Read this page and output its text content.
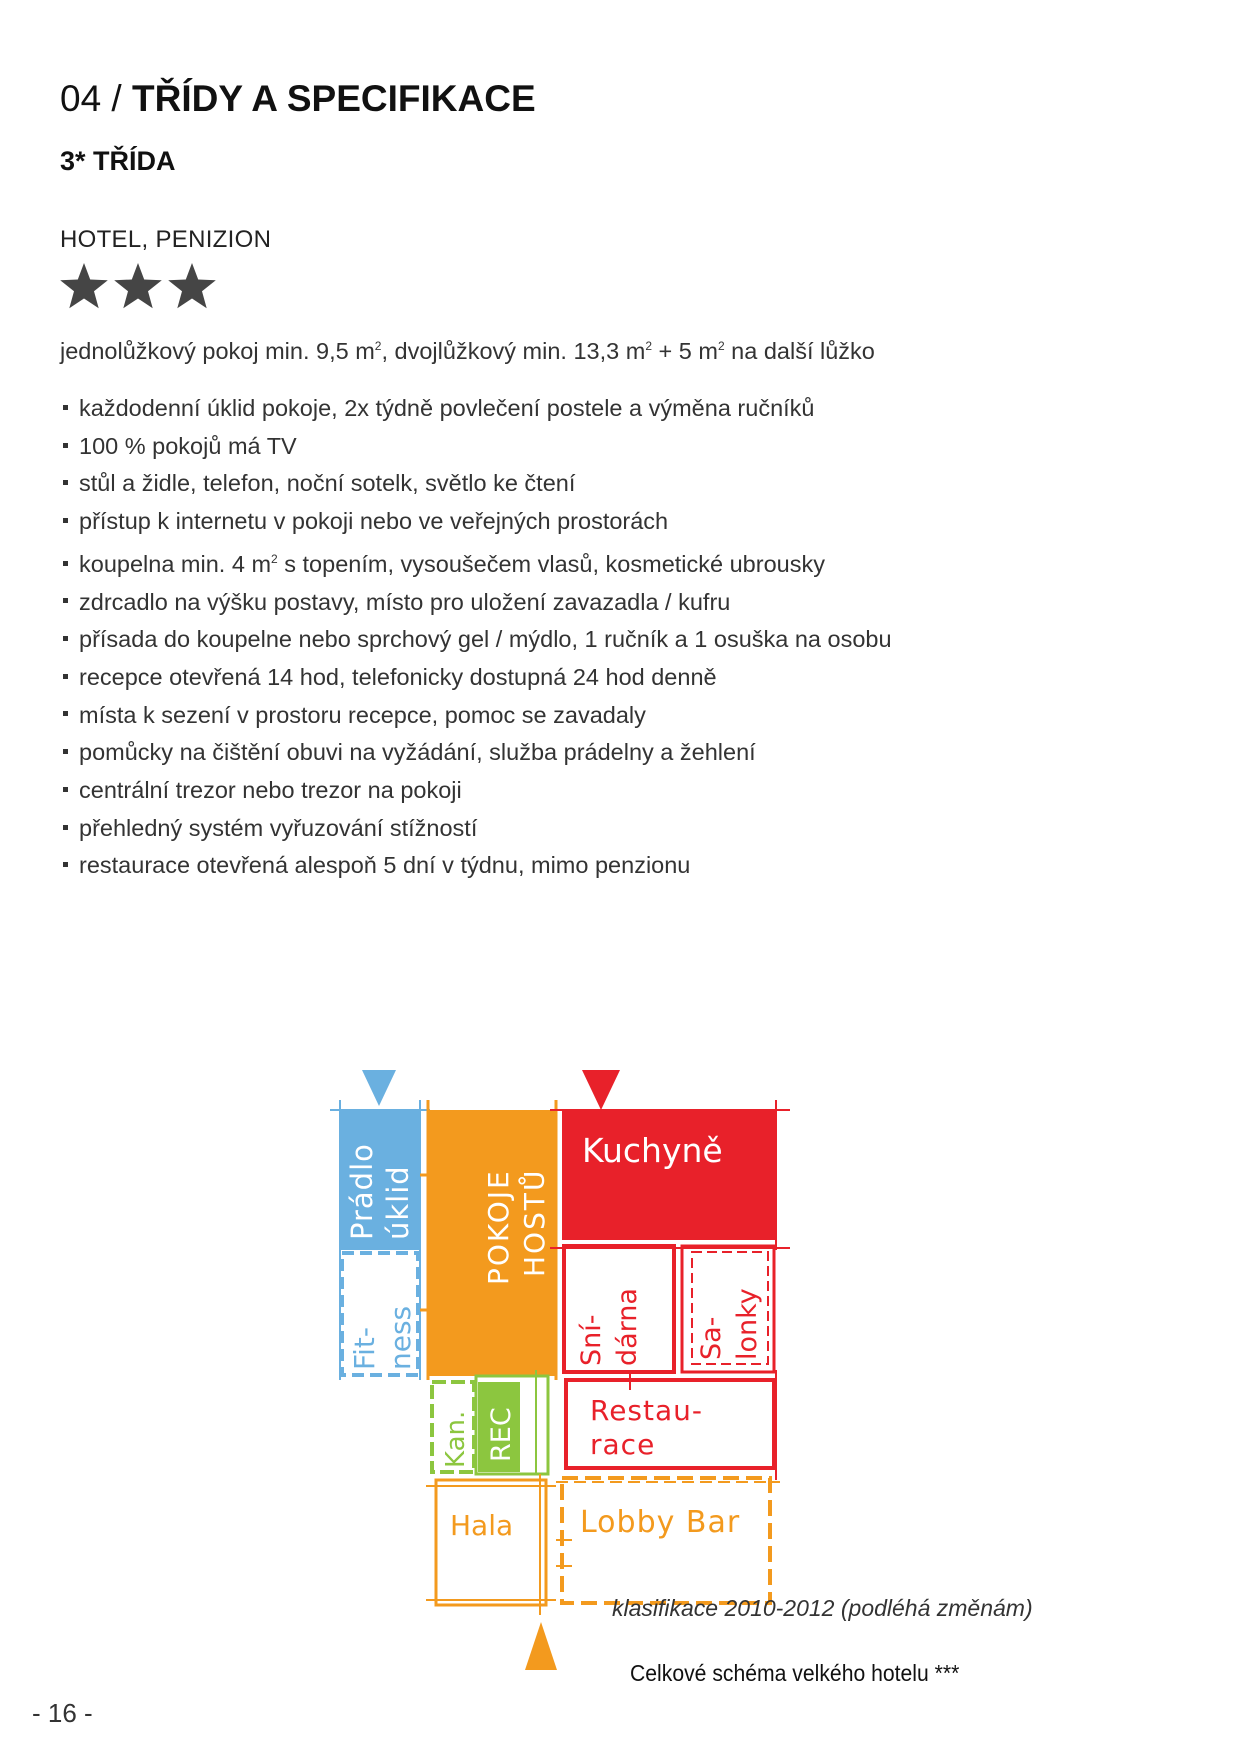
04 / TŘÍDY A SPECIFIKACE
3* TŘÍDA
HOTEL, PENIZION
jednolůžkový pokoj min. 9,5 $m^2$, dvojlůžkový min. 13,3 $m^2 + 5$ $m^2$ na další lůžko
každodenní úklid pokoje, 2x týdně povlečení postele a výměna ručníků
100 % pokojů má TV
stůl a židle, telefon, noční sotelk, světlo ke čtení
přístup k internetu v pokoji nebo ve veřejných prostorách
koupelna min. 4 $m^2$ s topením, vysoušečem vlasů, kosmetické ubrousky
zdrcadlo na výšku postavy, místo pro uložení zavazadla / kufru
přísada do koupelne nebo sprchový gel / mýdlo, 1 ručník a 1 osuška na osobu
recepce otevřená 14 hod, telefonicky dostupná 24 hod denně
místa k sezení v prostoru recepce, pomoc se zavadaly
pomůcky na čištění obuvi na vyžádání, služba prádelny a žehlení
centrální trezor nebo trezor na pokoji
přehledný systém vyřuzování stížností
restaurace otevřená alespoň 5 dní v týdnu, mimo penzionu
Prádlo úklid
Fit- ness
POKOJE HOSTŮ
Kuchyně
Sní- dárna Sa- lonky
Restau-
race
Kan. REC
Hala Lobby Bar
klasifikace 2010-2012 (podléhá změnám)
Celkové schéma velkého hotelu ***
- 16 -
